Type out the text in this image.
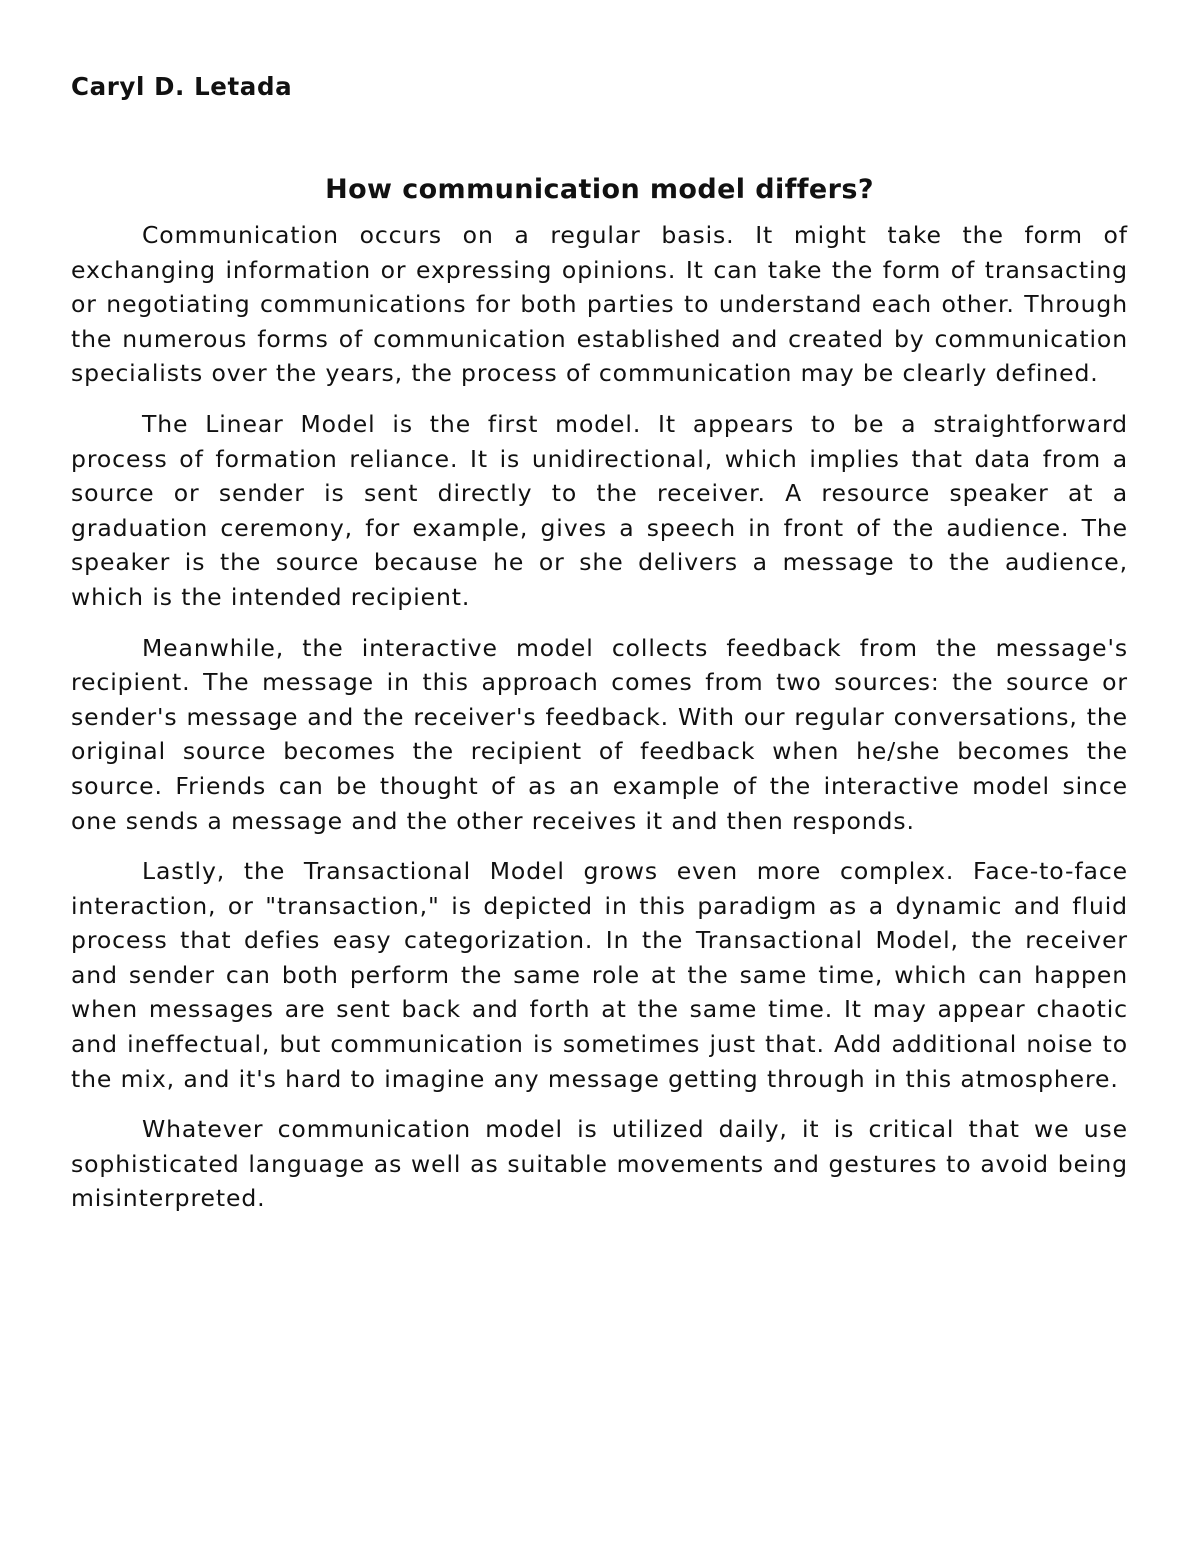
Caryl D. Letada

How communication model differs?

Communication occurs on a regular basis. It might take the form of exchanging information or expressing opinions. It can take the form of transacting or negotiating communications for both parties to understand each other. Through the numerous forms of communication established and created by communication specialists over the years, the process of communication may be clearly defined.

The Linear Model is the first model. It appears to be a straightforward process of formation reliance. It is unidirectional, which implies that data from a source or sender is sent directly to the receiver. A resource speaker at a graduation ceremony, for example, gives a speech in front of the audience. The speaker is the source because he or she delivers a message to the audience, which is the intended recipient.

Meanwhile, the interactive model collects feedback from the message's recipient. The message in this approach comes from two sources: the source or sender's message and the receiver's feedback. With our regular conversations, the original source becomes the recipient of feedback when he/she becomes the source. Friends can be thought of as an example of the interactive model since one sends a message and the other receives it and then responds.

Lastly, the Transactional Model grows even more complex. Face-to-face interaction, or "transaction," is depicted in this paradigm as a dynamic and fluid process that defies easy categorization. In the Transactional Model, the receiver and sender can both perform the same role at the same time, which can happen when messages are sent back and forth at the same time. It may appear chaotic and ineffectual, but communication is sometimes just that. Add additional noise to the mix, and it's hard to imagine any message getting through in this atmosphere.

Whatever communication model is utilized daily, it is critical that we use sophisticated language as well as suitable movements and gestures to avoid being misinterpreted.
